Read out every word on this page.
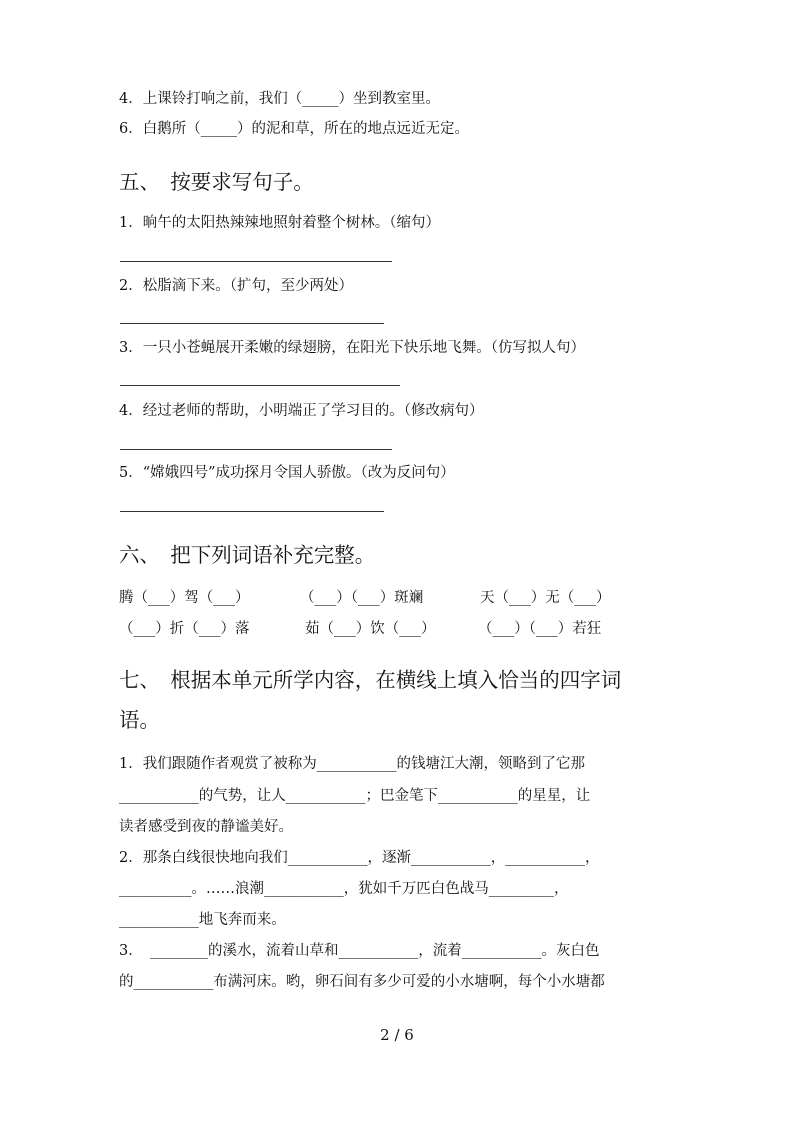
4．上课铃打响之前，我们（_____）坐到教室里。
6．白鹅所（_____）的泥和草，所在的地点远近无定。
五、　按要求写句子。
1．晌午的太阳热辣辣地照射着整个树林。（缩句）
2．松脂滴下来。（扩句，至少两处）
3．一只小苍蝇展开柔嫩的绿翅膀，在阳光下快乐地飞舞。（仿写拟人句）
4．经过老师的帮助，小明端正了学习目的。（修改病句）
5．“嫦娥四号”成功探月令国人骄傲。（改为反问句）
六、　把下列词语补充完整。
腾（___）驾（___）	（___）（___）斑斓	天（___）无（___）
（___）折（___）落	茹（___）饮（___）	（___）（___）若狂
七、　根据本单元所学内容，在横线上填入恰当的四字词
语。
1．我们跟随作者观赏了被称为___________的钱塘江大潮，领略到了它那
___________的气势，让人___________；巴金笔下___________的星星，让
读者感受到夜的静谧美好。
2．那条白线很快地向我们___________，逐渐___________，___________，
__________。……浪潮___________，犹如千万匹白色战马_________，
___________地飞奔而来。
3．　________的溪水，流着山草和___________，流着___________。灰白色
的___________布满河床。哟，卵石间有多少可爱的小水塘啊，每个小水塘都
2 / 6
